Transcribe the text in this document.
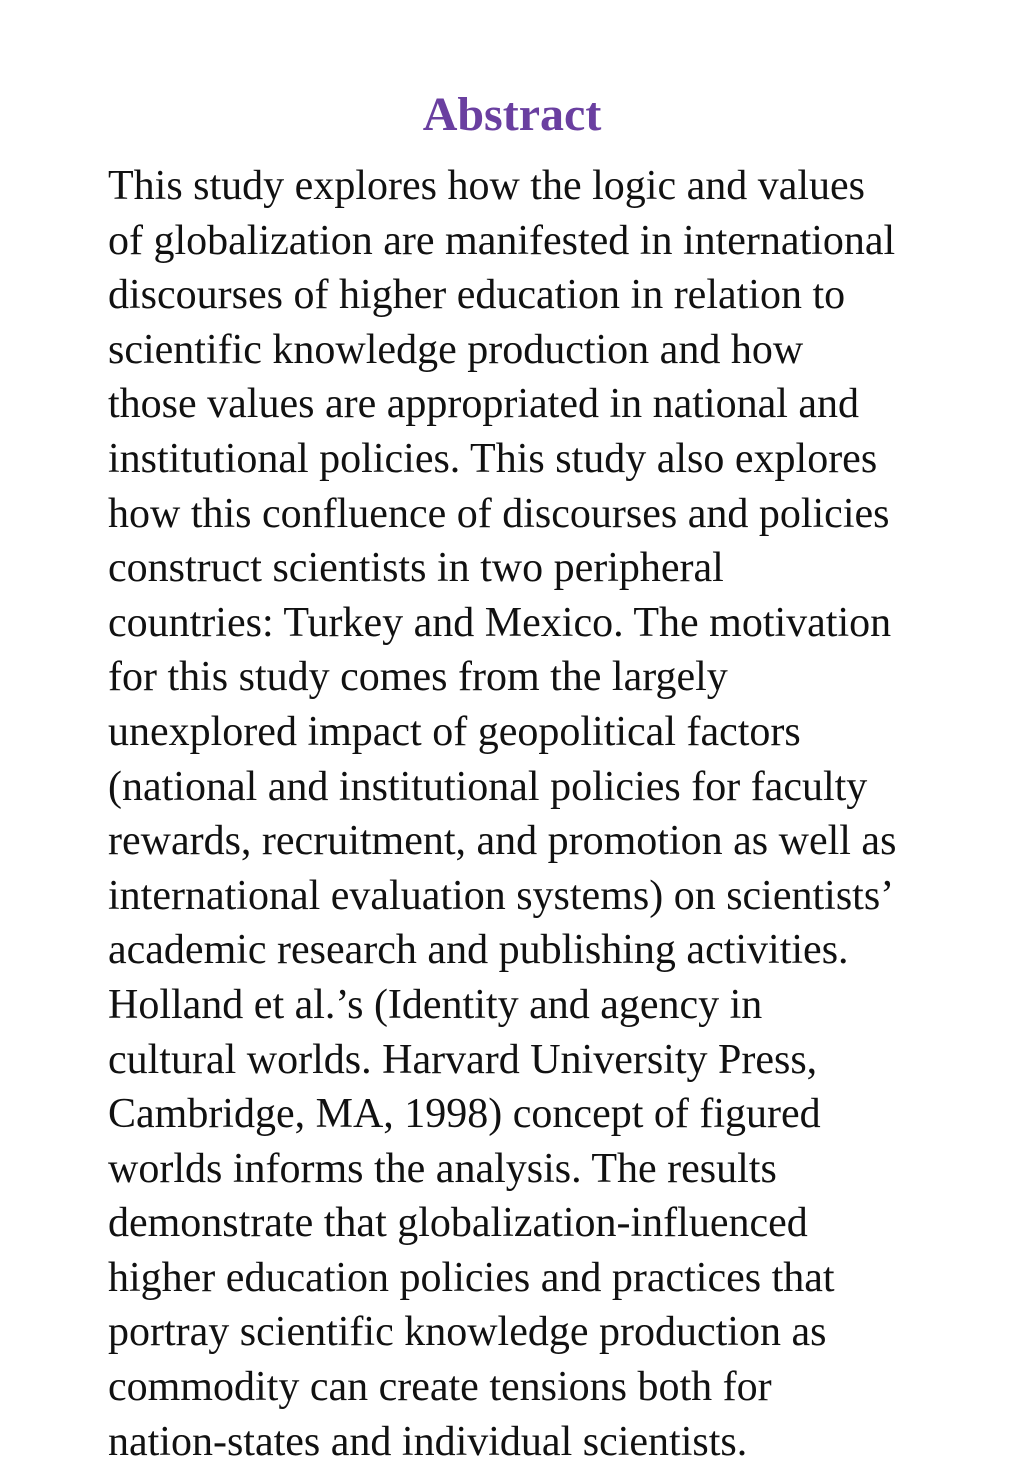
Abstract

This study explores how the logic and values
of globalization are manifested in international
discourses of higher education in relation to
scientific knowledge production and how
those values are appropriated in national and
institutional policies. This study also explores
how this confluence of discourses and policies
construct scientists in two peripheral
countries: Turkey and Mexico. The motivation
for this study comes from the largely
unexplored impact of geopolitical factors
(national and institutional policies for faculty
rewards, recruitment, and promotion as well as
international evaluation systems) on scientists’
academic research and publishing activities.
Holland et al.’s (Identity and agency in
cultural worlds. Harvard University Press,
Cambridge, MA, 1998) concept of figured
worlds informs the analysis. The results
demonstrate that globalization-influenced
higher education policies and practices that
portray scientific knowledge production as
commodity can create tensions both for
nation-states and individual scientists.
